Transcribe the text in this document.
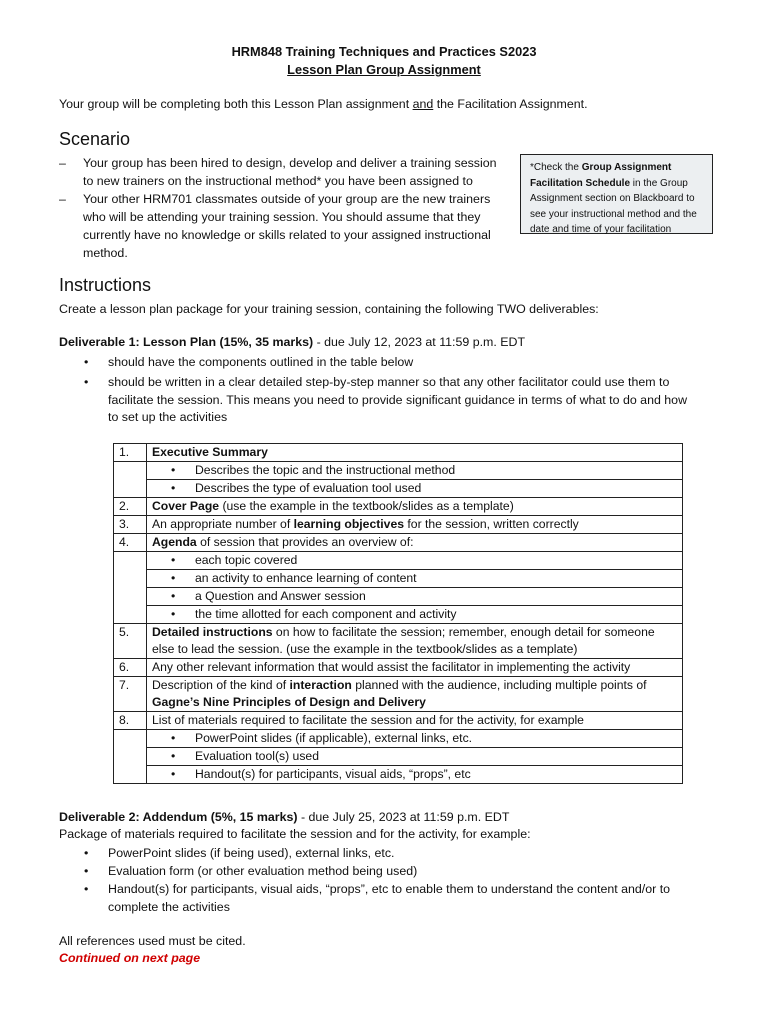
HRM848 Training Techniques and Practices S2023
Lesson Plan Group Assignment
Your group will be completing both this Lesson Plan assignment and the Facilitation Assignment.
Scenario
– Your group has been hired to design, develop and deliver a training session to new trainers on the instructional method* you have been assigned to
– Your other HRM701 classmates outside of your group are the new trainers who will be attending your training session. You should assume that they currently have no knowledge or skills related to your assigned instructional method.
*Check the Group Assignment Facilitation Schedule in the Group Assignment section on Blackboard to see your instructional method and the date and time of your facilitation
Instructions
Create a lesson plan package for your training session, containing the following TWO deliverables:
Deliverable 1: Lesson Plan (15%, 35 marks) - due July 12, 2023 at 11:59 p.m. EDT
• should have the components outlined in the table below
• should be written in a clear detailed step-by-step manner so that any other facilitator could use them to facilitate the session. This means you need to provide significant guidance in terms of what to do and how to set up the activities
1.	Executive Summary
	• Describes the topic and the instructional method
	• Describes the type of evaluation tool used
2.	Cover Page (use the example in the textbook/slides as a template)
3.	An appropriate number of learning objectives for the session, written correctly
4.	Agenda of session that provides an overview of:
	• each topic covered
	• an activity to enhance learning of content
	• a Question and Answer session
	• the time allotted for each component and activity
5.	Detailed instructions on how to facilitate the session; remember, enough detail for someone else to lead the session. (use the example in the textbook/slides as a template)
6.	Any other relevant information that would assist the facilitator in implementing the activity
7.	Description of the kind of interaction planned with the audience, including multiple points of Gagne’s Nine Principles of Design and Delivery
8.	List of materials required to facilitate the session and for the activity, for example
	• PowerPoint slides (if applicable), external links, etc.
	• Evaluation tool(s) used
	• Handout(s) for participants, visual aids, “props”, etc
Deliverable 2: Addendum (5%, 15 marks) - due July 25, 2023 at 11:59 p.m. EDT
Package of materials required to facilitate the session and for the activity, for example:
• PowerPoint slides (if being used), external links, etc.
• Evaluation form (or other evaluation method being used)
• Handout(s) for participants, visual aids, “props”, etc to enable them to understand the content and/or to complete the activities
All references used must be cited.
Continued on next page
